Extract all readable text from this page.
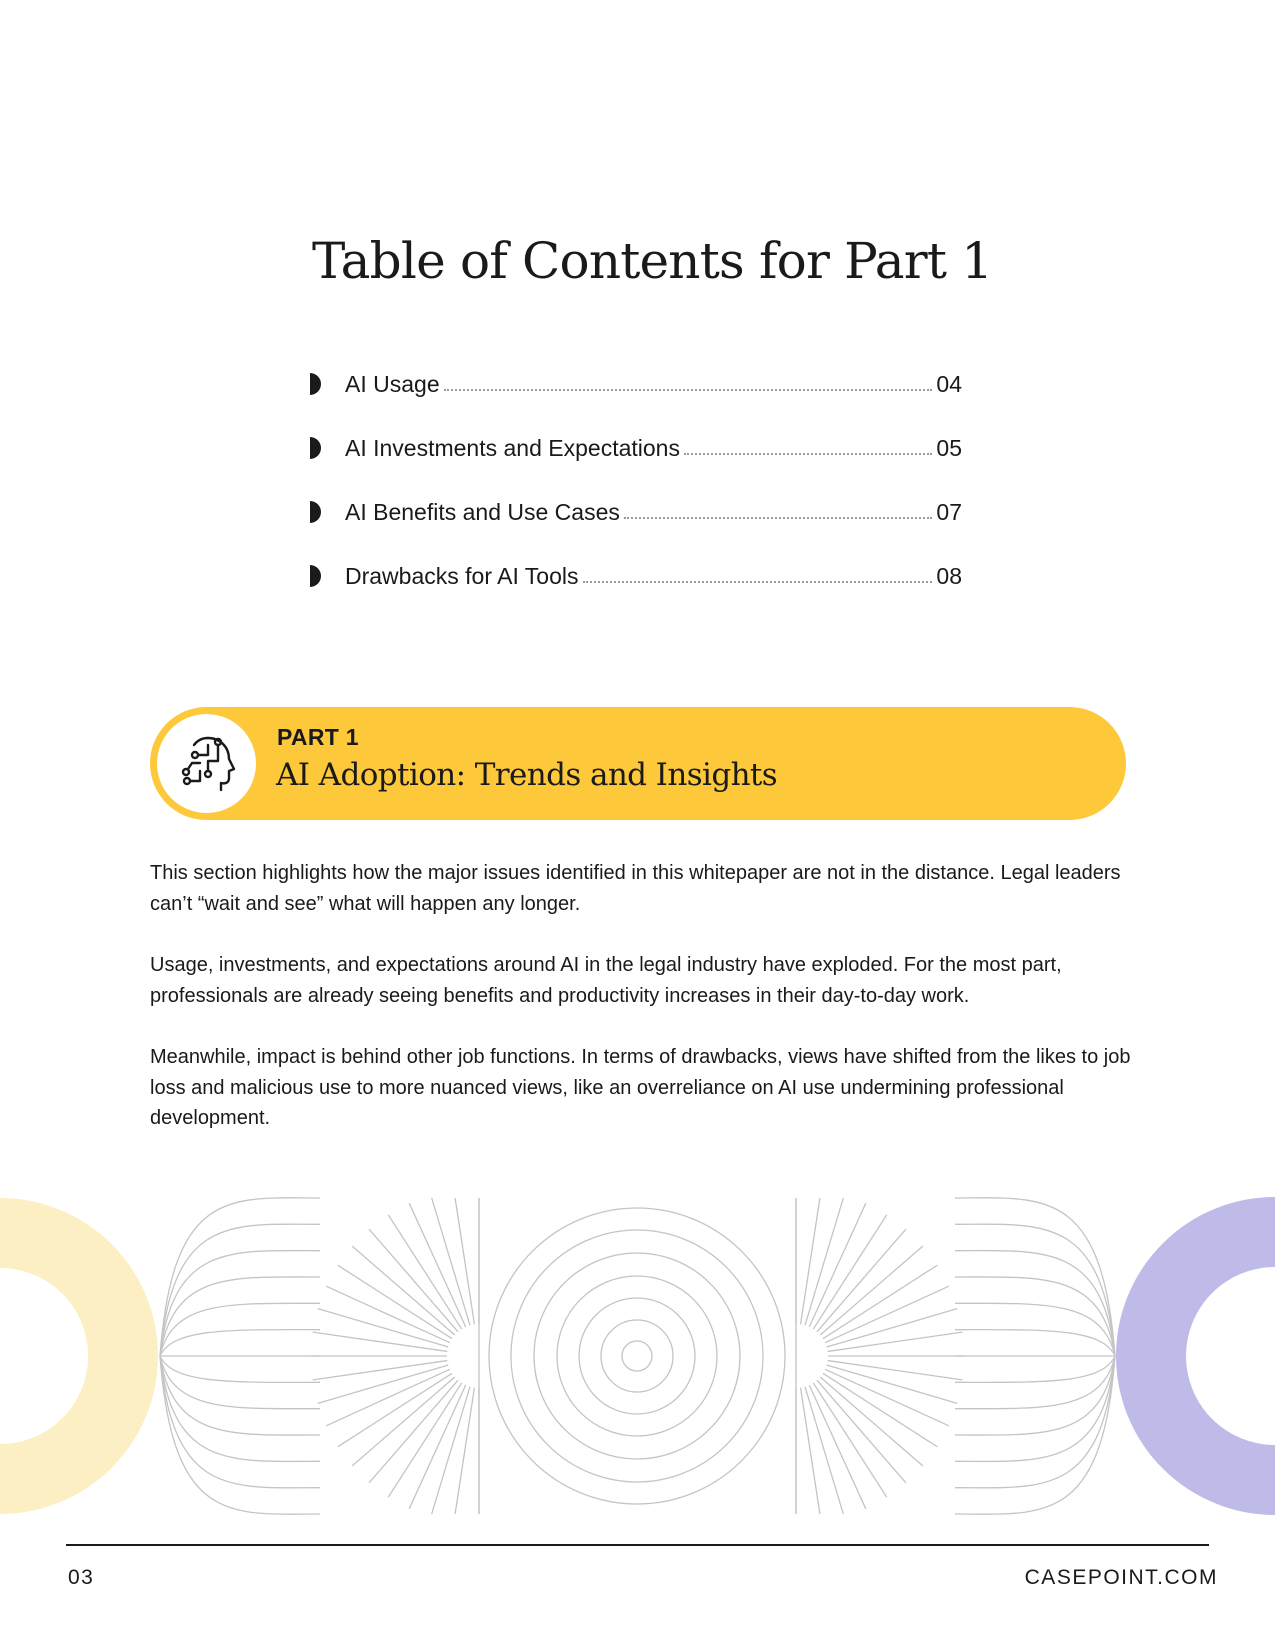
Table of Contents for Part 1
AI Usage	04
AI Investments and Expectations	05
AI Benefits and Use Cases	07
Drawbacks for AI Tools	08

PART 1

AI Adoption: Trends and Insights

This section highlights how the major issues identified in this whitepaper are not in the distance. Legal leaders can’t “wait and see” what will happen any longer.

Usage, investments, and expectations around AI in the legal industry have exploded. For the most part, professionals are already seeing benefits and productivity increases in their day-to-day work.

Meanwhile, impact is behind other job functions. In terms of drawbacks, views have shifted from the likes to job loss and malicious use to more nuanced views, like an overreliance on AI use undermining professional development.

03	CASEPOINT.COM
